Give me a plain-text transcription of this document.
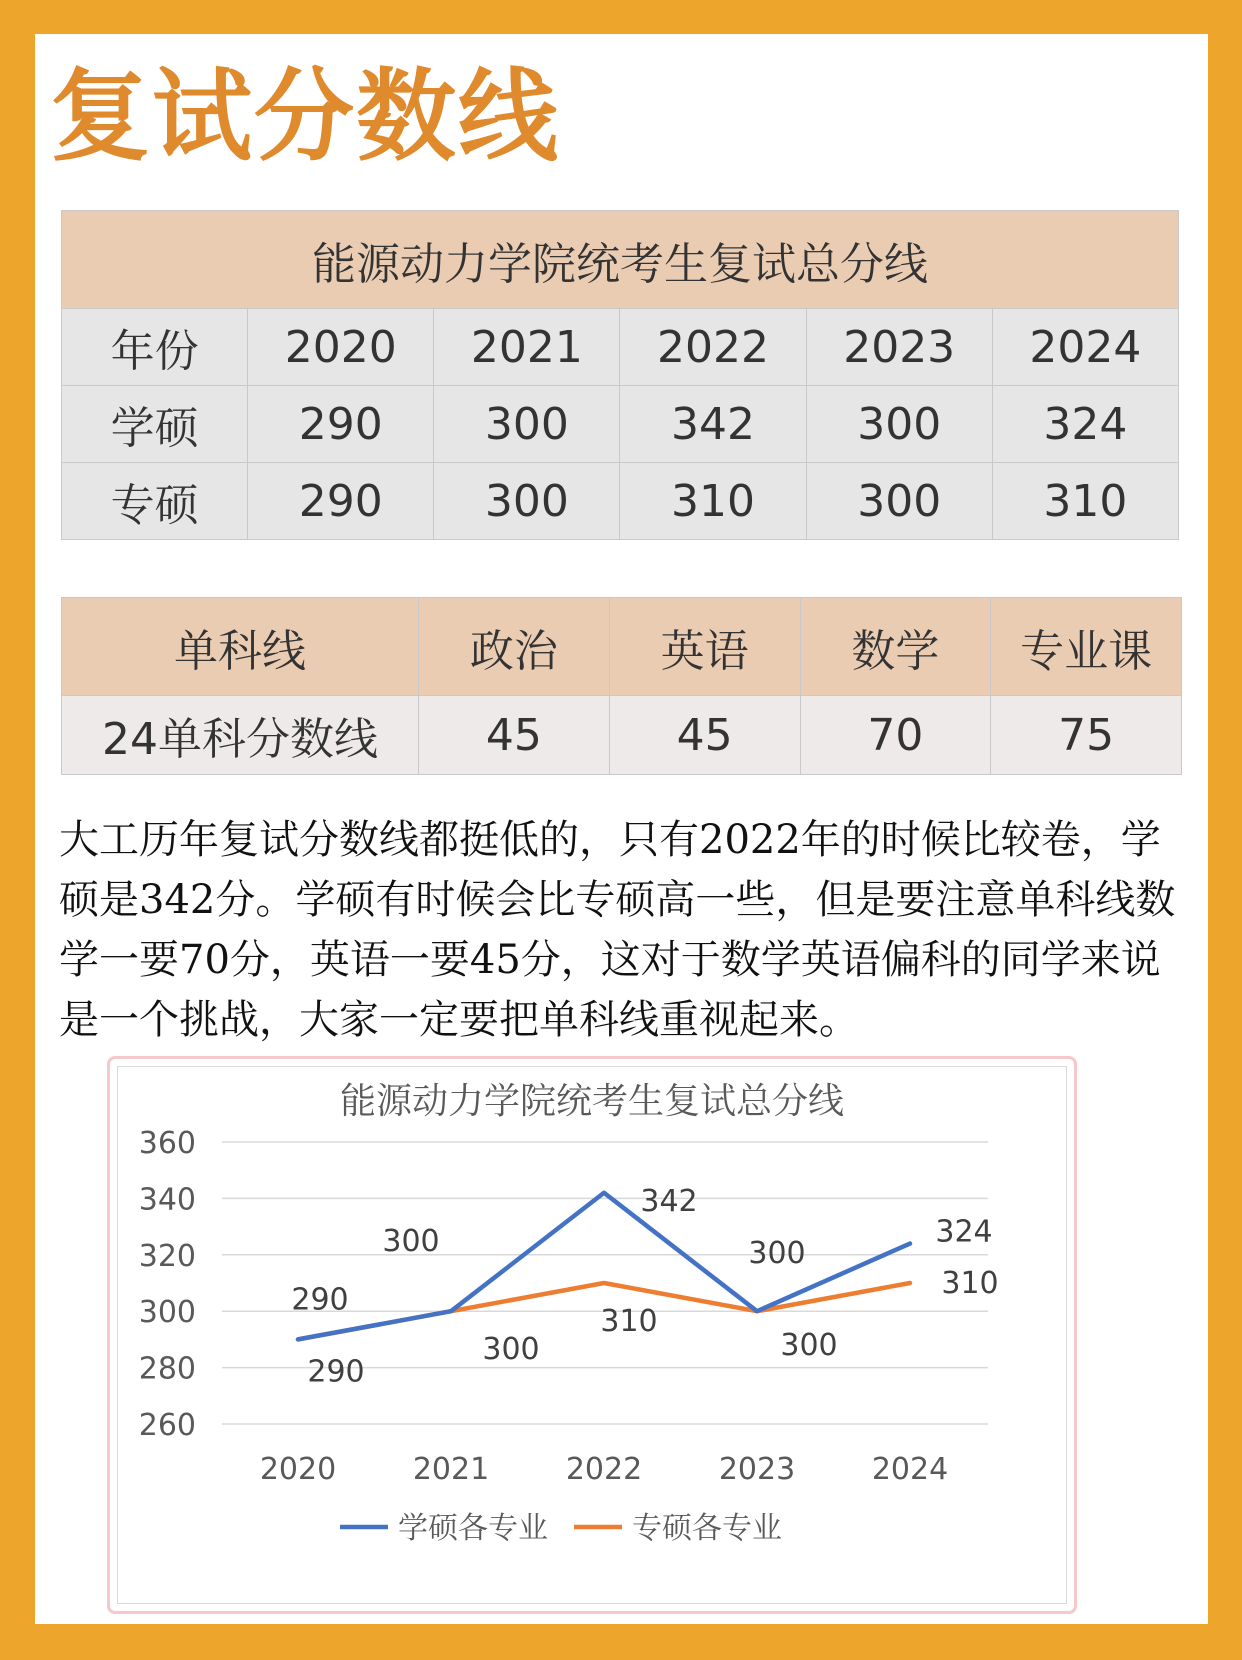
复试分数线
能源动力学院统考生复试总分线					
年份	2020	2021	2022	2023	2024
学硕	290	300	342	300	324
专硕	290	300	310	300	310
单科线	政治	英语	数学	专业课
24单科分数线	45	45	70	75

大工历年复试分数线都挺低的，只有2022年的时候比较卷，学硕是342分。学硕有时候会比专硕高一些，但是要注意单科线数学一要70分，英语一要45分，这对于数学英语偏科的同学来说是一个挑战，大家一定要把单科线重视起来。

能源动力学院统考生复试总分线
260
280
300
320
340
360
2020	2021	2022	2023	2024
290
300
342
300
324
290
300
310
300
310
学硕各专业	专硕各专业
